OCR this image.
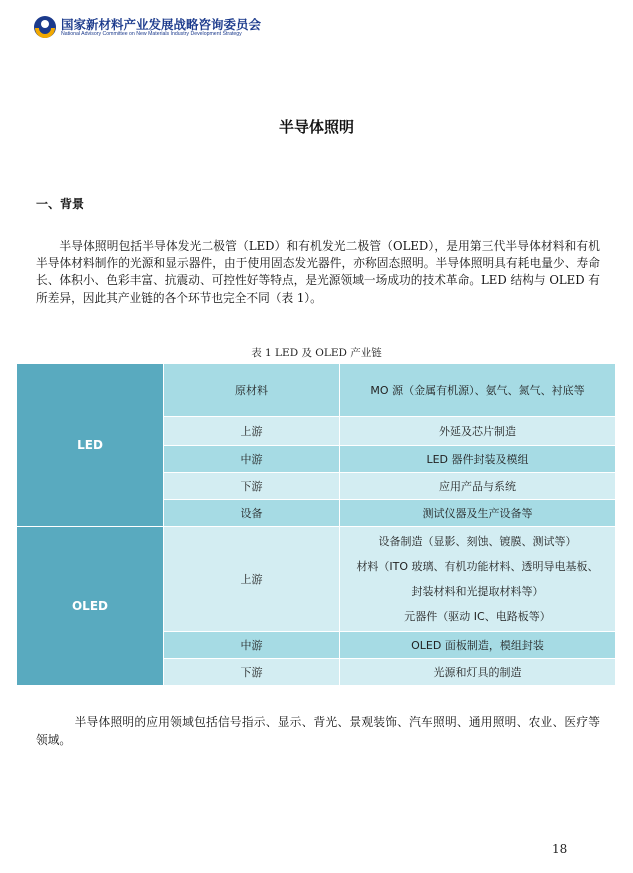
国家新材料产业发展战略咨询委员会
National Advisory Committee on New Materials Industry Development Strategy
半导体照明
一、背景

半导体照明包括半导体发光二极管（LED）和有机发光二极管（OLED），是用第三代半导体材料和有机半导体材料制作的光源和显示器件，由于使用固态发光器件，亦称固态照明。半导体照明具有耗电量少、寿命长、体积小、色彩丰富、抗震动、可控性好等特点，是光源领域一场成功的技术革命。LED 结构与 OLED 有所差异，因此其产业链的各个环节也完全不同（表 1）。

表 1 LED 及 OLED 产业链
LED	原材料	MO 源（金属有机源）、氨气、氮气、衬底等
	上游	外延及芯片制造
	中游	LED 器件封装及模组
	下游	应用产品与系统
	设备	测试仪器及生产设备等
OLED	上游	设备制造（显影、刻蚀、镀膜、测试等）
材料（ITO 玻璃、有机功能材料、透明导电基板、
封装材料和光提取材料等）
元器件（驱动 IC、电路板等）

	中游	OLED 面板制造，模组封装
	下游	光源和灯具的制造

半导体照明的应用领域包括信号指示、显示、背光、景观装饰、汽车照明、通用照明、农业、医疗等领域。

18
